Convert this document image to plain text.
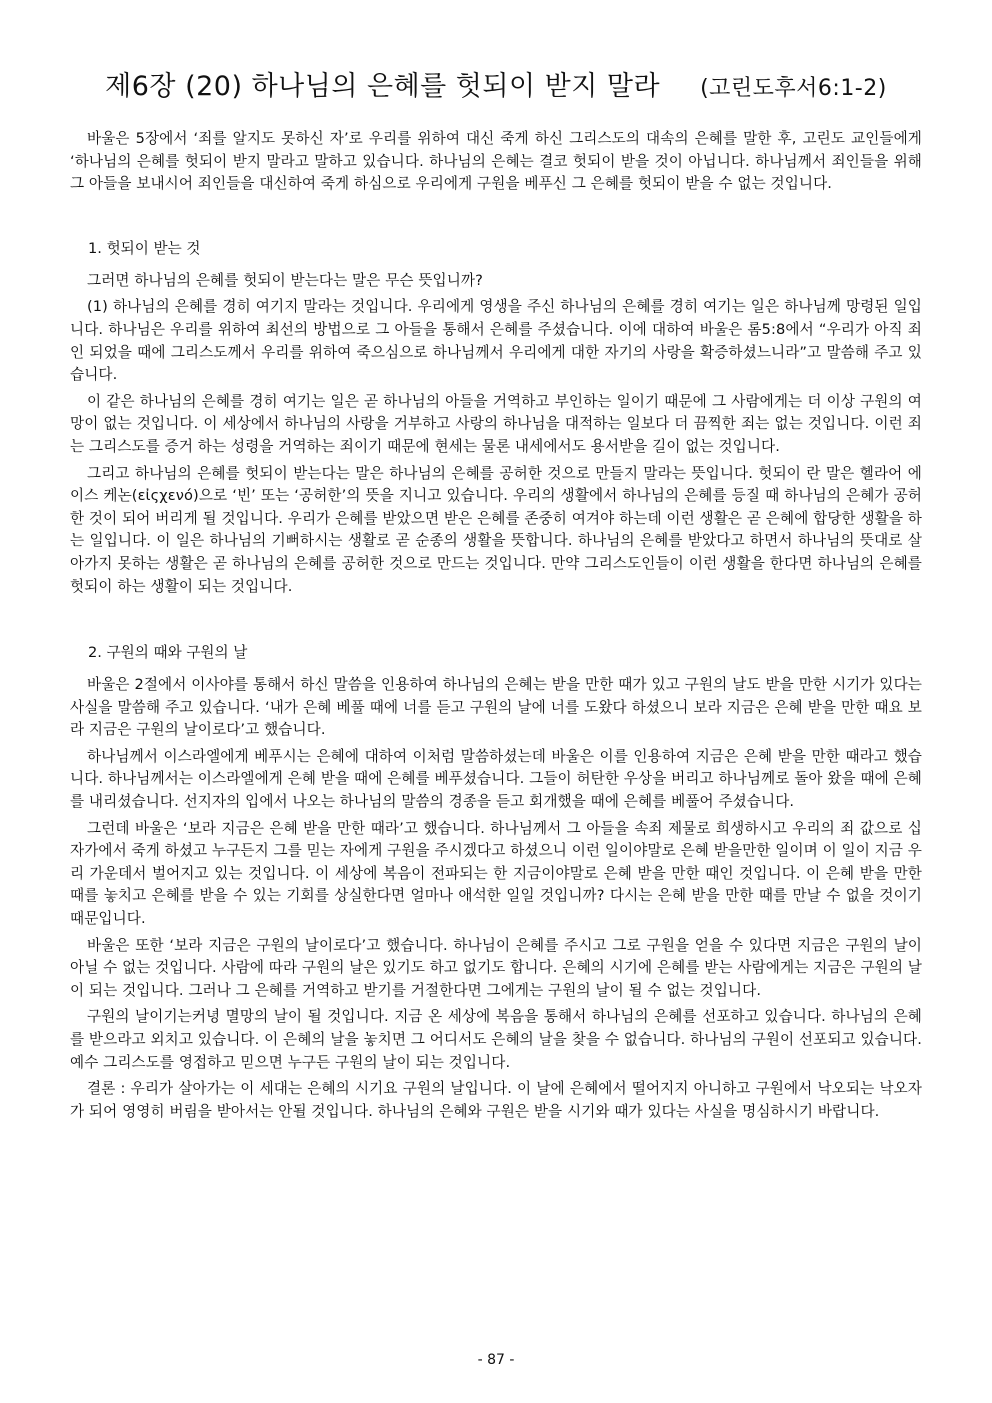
제6장 (20) 하나님의 은혜를 헛되이 받지 말라 (고린도후서6:1-2)

바울은 5장에서 ‘죄를 알지도 못하신 자’로 우리를 위하여 대신 죽게 하신 그리스도의 대속의 은혜를 말한 후, 고린도 교인들에게 ‘하나님의 은혜를 헛되이 받지 말라고 말하고 있습니다. 하나님의 은혜는 결코 헛되이 받을 것이 아닙니다. 하나님께서 죄인들을 위해 그 아들을 보내시어 죄인들을 대신하여 죽게 하심으로 우리에게 구원을 베푸신 그 은혜를 헛되이 받을 수 없는 것입니다.

1. 헛되이 받는 것

그러면 하나님의 은혜를 헛되이 받는다는 말은 무슨 뜻입니까?

(1) 하나님의 은혜를 경히 여기지 말라는 것입니다. 우리에게 영생을 주신 하나님의 은혜를 경히 여기는 일은 하나님께 망령된 일입니다. 하나님은 우리를 위하여 최선의 방법으로 그 아들을 통해서 은혜를 주셨습니다. 이에 대하여 바울은 롬5:8에서 “우리가 아직 죄인 되었을 때에 그리스도께서 우리를 위하여 죽으심으로 하나님께서 우리에게 대한 자기의 사랑을 확증하셨느니라”고 말씀해 주고 있습니다.

이 같은 하나님의 은혜를 경히 여기는 일은 곧 하나님의 아들을 거역하고 부인하는 일이기 때문에 그 사람에게는 더 이상 구원의 여망이 없는 것입니다. 이 세상에서 하나님의 사랑을 거부하고 사랑의 하나님을 대적하는 일보다 더 끔찍한 죄는 없는 것입니다. 이런 죄는 그리스도를 증거 하는 성령을 거역하는 죄이기 때문에 현세는 물론 내세에서도 용서받을 길이 없는 것입니다.

그리고 하나님의 은혜를 헛되이 받는다는 말은 하나님의 은혜를 공허한 것으로 만들지 말라는 뜻입니다. 헛되이 란 말은 헬라어 에이스 케논(εἰςχενό)으로 ‘빈’ 또는 ‘공허한’의 뜻을 지니고 있습니다. 우리의 생활에서 하나님의 은혜를 등질 때 하나님의 은혜가 공허한 것이 되어 버리게 될 것입니다. 우리가 은혜를 받았으면 받은 은혜를 존중히 여겨야 하는데 이런 생활은 곧 은혜에 합당한 생활을 하는 일입니다. 이 일은 하나님의 기뻐하시는 생활로 곧 순종의 생활을 뜻합니다. 하나님의 은혜를 받았다고 하면서 하나님의 뜻대로 살아가지 못하는 생활은 곧 하나님의 은혜를 공허한 것으로 만드는 것입니다. 만약 그리스도인들이 이런 생활을 한다면 하나님의 은혜를 헛되이 하는 생활이 되는 것입니다.

2. 구원의 때와 구원의 날

바울은 2절에서 이사야를 통해서 하신 말씀을 인용하여 하나님의 은혜는 받을 만한 때가 있고 구원의 날도 받을 만한 시기가 있다는 사실을 말씀해 주고 있습니다. ‘내가 은혜 베풀 때에 너를 듣고 구원의 날에 너를 도왔다 하셨으니 보라 지금은 은혜 받을 만한 때요 보라 지금은 구원의 날이로다’고 했습니다.

하나님께서 이스라엘에게 베푸시는 은혜에 대하여 이처럼 말씀하셨는데 바울은 이를 인용하여 지금은 은혜 받을 만한 때라고 했습니다. 하나님께서는 이스라엘에게 은혜 받을 때에 은혜를 베푸셨습니다. 그들이 허탄한 우상을 버리고 하나님께로 돌아 왔을 때에 은혜를 내리셨습니다. 선지자의 입에서 나오는 하나님의 말씀의 경종을 듣고 회개했을 때에 은혜를 베풀어 주셨습니다.

그런데 바울은 ‘보라 지금은 은혜 받을 만한 때라’고 했습니다. 하나님께서 그 아들을 속죄 제물로 희생하시고 우리의 죄 값으로 십자가에서 죽게 하셨고 누구든지 그를 믿는 자에게 구원을 주시겠다고 하셨으니 이런 일이야말로 은혜 받을만한 일이며 이 일이 지금 우리 가운데서 벌어지고 있는 것입니다. 이 세상에 복음이 전파되는 한 지금이야말로 은혜 받을 만한 때인 것입니다. 이 은혜 받을 만한 때를 놓치고 은혜를 받을 수 있는 기회를 상실한다면 얼마나 애석한 일일 것입니까? 다시는 은혜 받을 만한 때를 만날 수 없을 것이기 때문입니다.

바울은 또한 ‘보라 지금은 구원의 날이로다’고 했습니다. 하나님이 은혜를 주시고 그로 구원을 얻을 수 있다면 지금은 구원의 날이 아닐 수 없는 것입니다. 사람에 따라 구원의 날은 있기도 하고 없기도 합니다. 은혜의 시기에 은혜를 받는 사람에게는 지금은 구원의 날이 되는 것입니다. 그러나 그 은혜를 거역하고 받기를 거절한다면 그에게는 구원의 날이 될 수 없는 것입니다.

구원의 날이기는커녕 멸망의 날이 될 것입니다. 지금 온 세상에 복음을 통해서 하나님의 은혜를 선포하고 있습니다. 하나님의 은혜를 받으라고 외치고 있습니다. 이 은혜의 날을 놓치면 그 어디서도 은혜의 날을 찾을 수 없습니다. 하나님의 구원이 선포되고 있습니다. 예수 그리스도를 영접하고 믿으면 누구든 구원의 날이 되는 것입니다.

결론 : 우리가 살아가는 이 세대는 은혜의 시기요 구원의 날입니다. 이 날에 은혜에서 떨어지지 아니하고 구원에서 낙오되는 낙오자가 되어 영영히 버림을 받아서는 안될 것입니다. 하나님의 은혜와 구원은 받을 시기와 때가 있다는 사실을 명심하시기 바랍니다.

- 87 -
